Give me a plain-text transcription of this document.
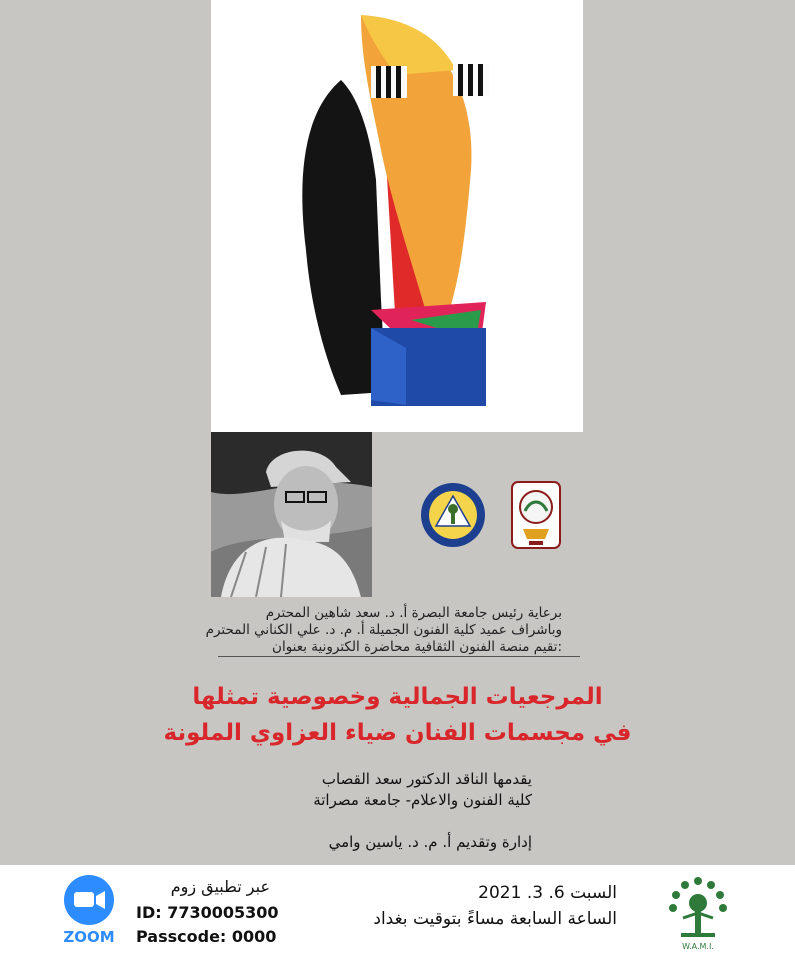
برعاية رئيس جامعة البصرة أ. د. سعد شاهين المحترم
وباشراف عميد كلية الفنون الجميلة أ. م. د. علي الكناني المحترم
تقيم منصة الفنون الثقافية محاضرة الكترونية بعنوان:
المرجعيات الجمالية وخصوصية تمثلها
في مجسمات الفنان ضياء العزاوي الملونة
يقدمها الناقد الدكتور سعد القصاب
كلية الفنون والاعلام- جامعة مصراتة
إدارة وتقديم أ. م. د. ياسين وامي
ZOOM
عبر تطبيق زوم
ID: 7730005300
Passcode: 0000
السبت 6. 3. 2021
الساعة السابعة مساءً بتوقيت بغداد
W.A.M.I.
